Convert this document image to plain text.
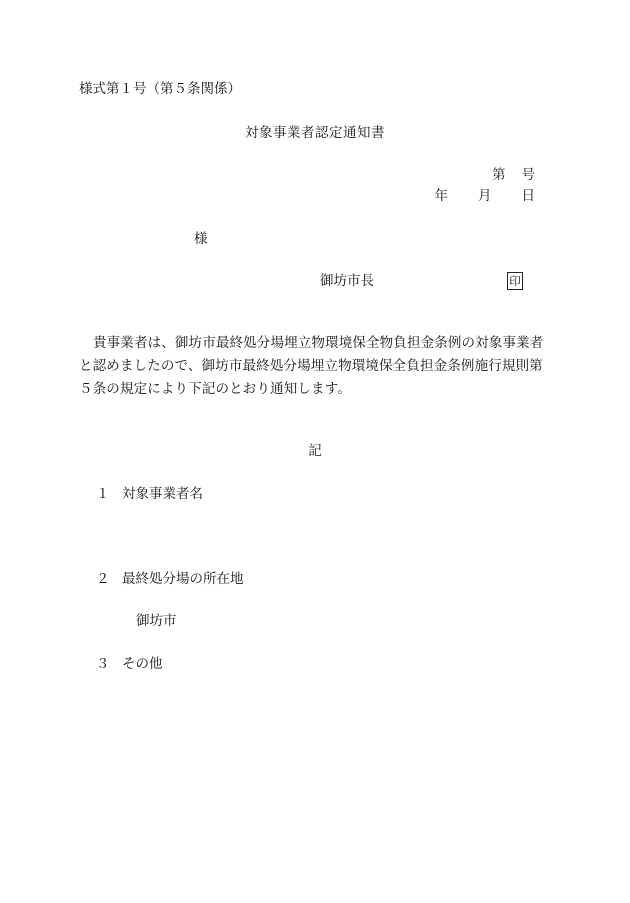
様式第１号（第５条関係）
対象事業者認定通知書
第 号
年 月 日
様
御坊市長	印
貴事業者は、御坊市最終処分場埋立物環境保全物負担金条例の対象事業者と認めましたので、御坊市最終処分場埋立物環境保全負担金条例施行規則第５条の規定により下記のとおり通知します。
記
１ 対象事業者名
２ 最終処分場の所在地
御坊市
３ その他
